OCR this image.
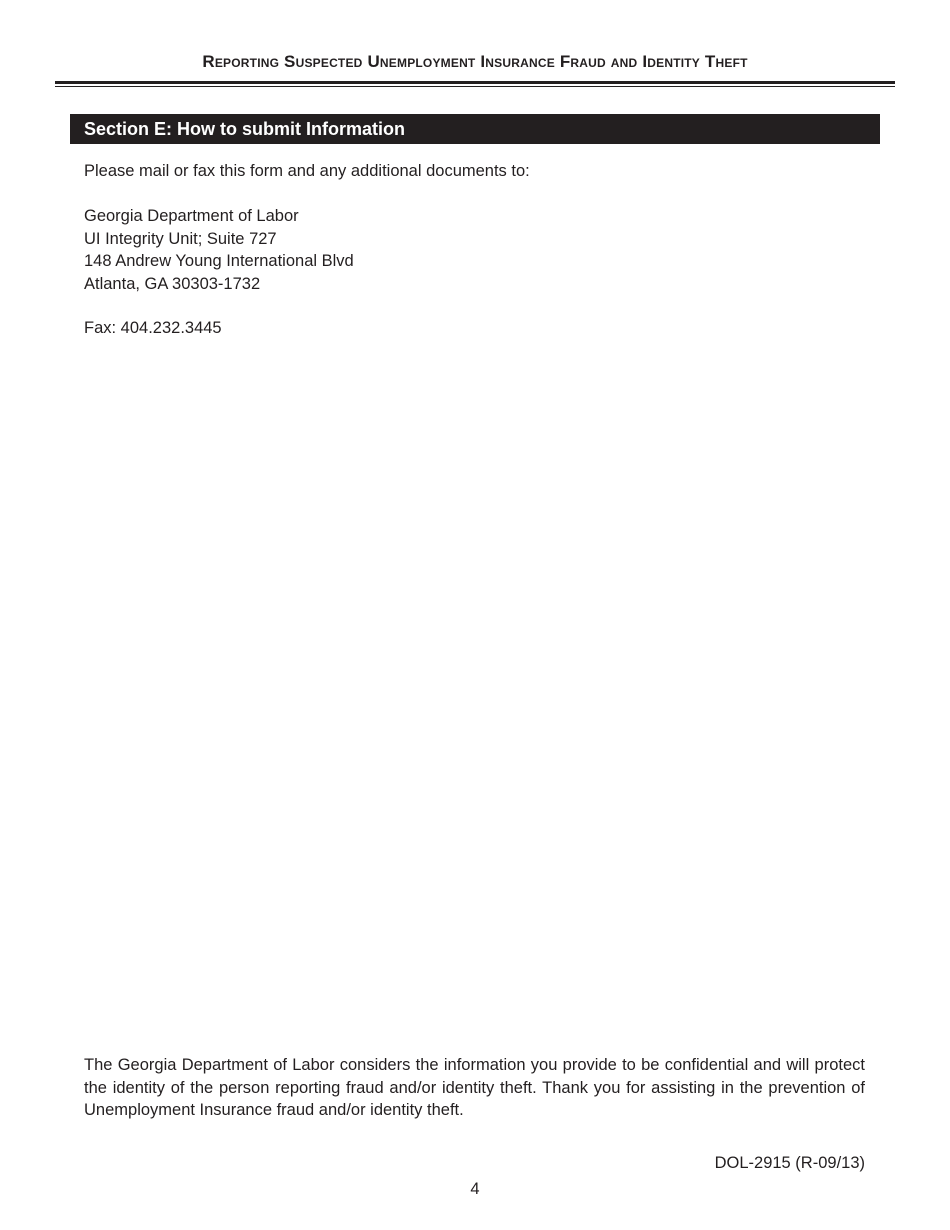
Reporting Suspected Unemployment Insurance Fraud and Identity Theft
Section E: How to submit Information
Please mail or fax this form and any additional documents to:
Georgia Department of Labor
UI Integrity Unit; Suite 727
148 Andrew Young International Blvd
Atlanta, GA 30303-1732
Fax: 404.232.3445
The Georgia Department of Labor considers the information you provide to be confidential and will protect the identity of the person reporting fraud and/or identity theft. Thank you for assisting in the prevention of Unemployment Insurance fraud and/or identity theft.
DOL-2915 (R-09/13)
4
